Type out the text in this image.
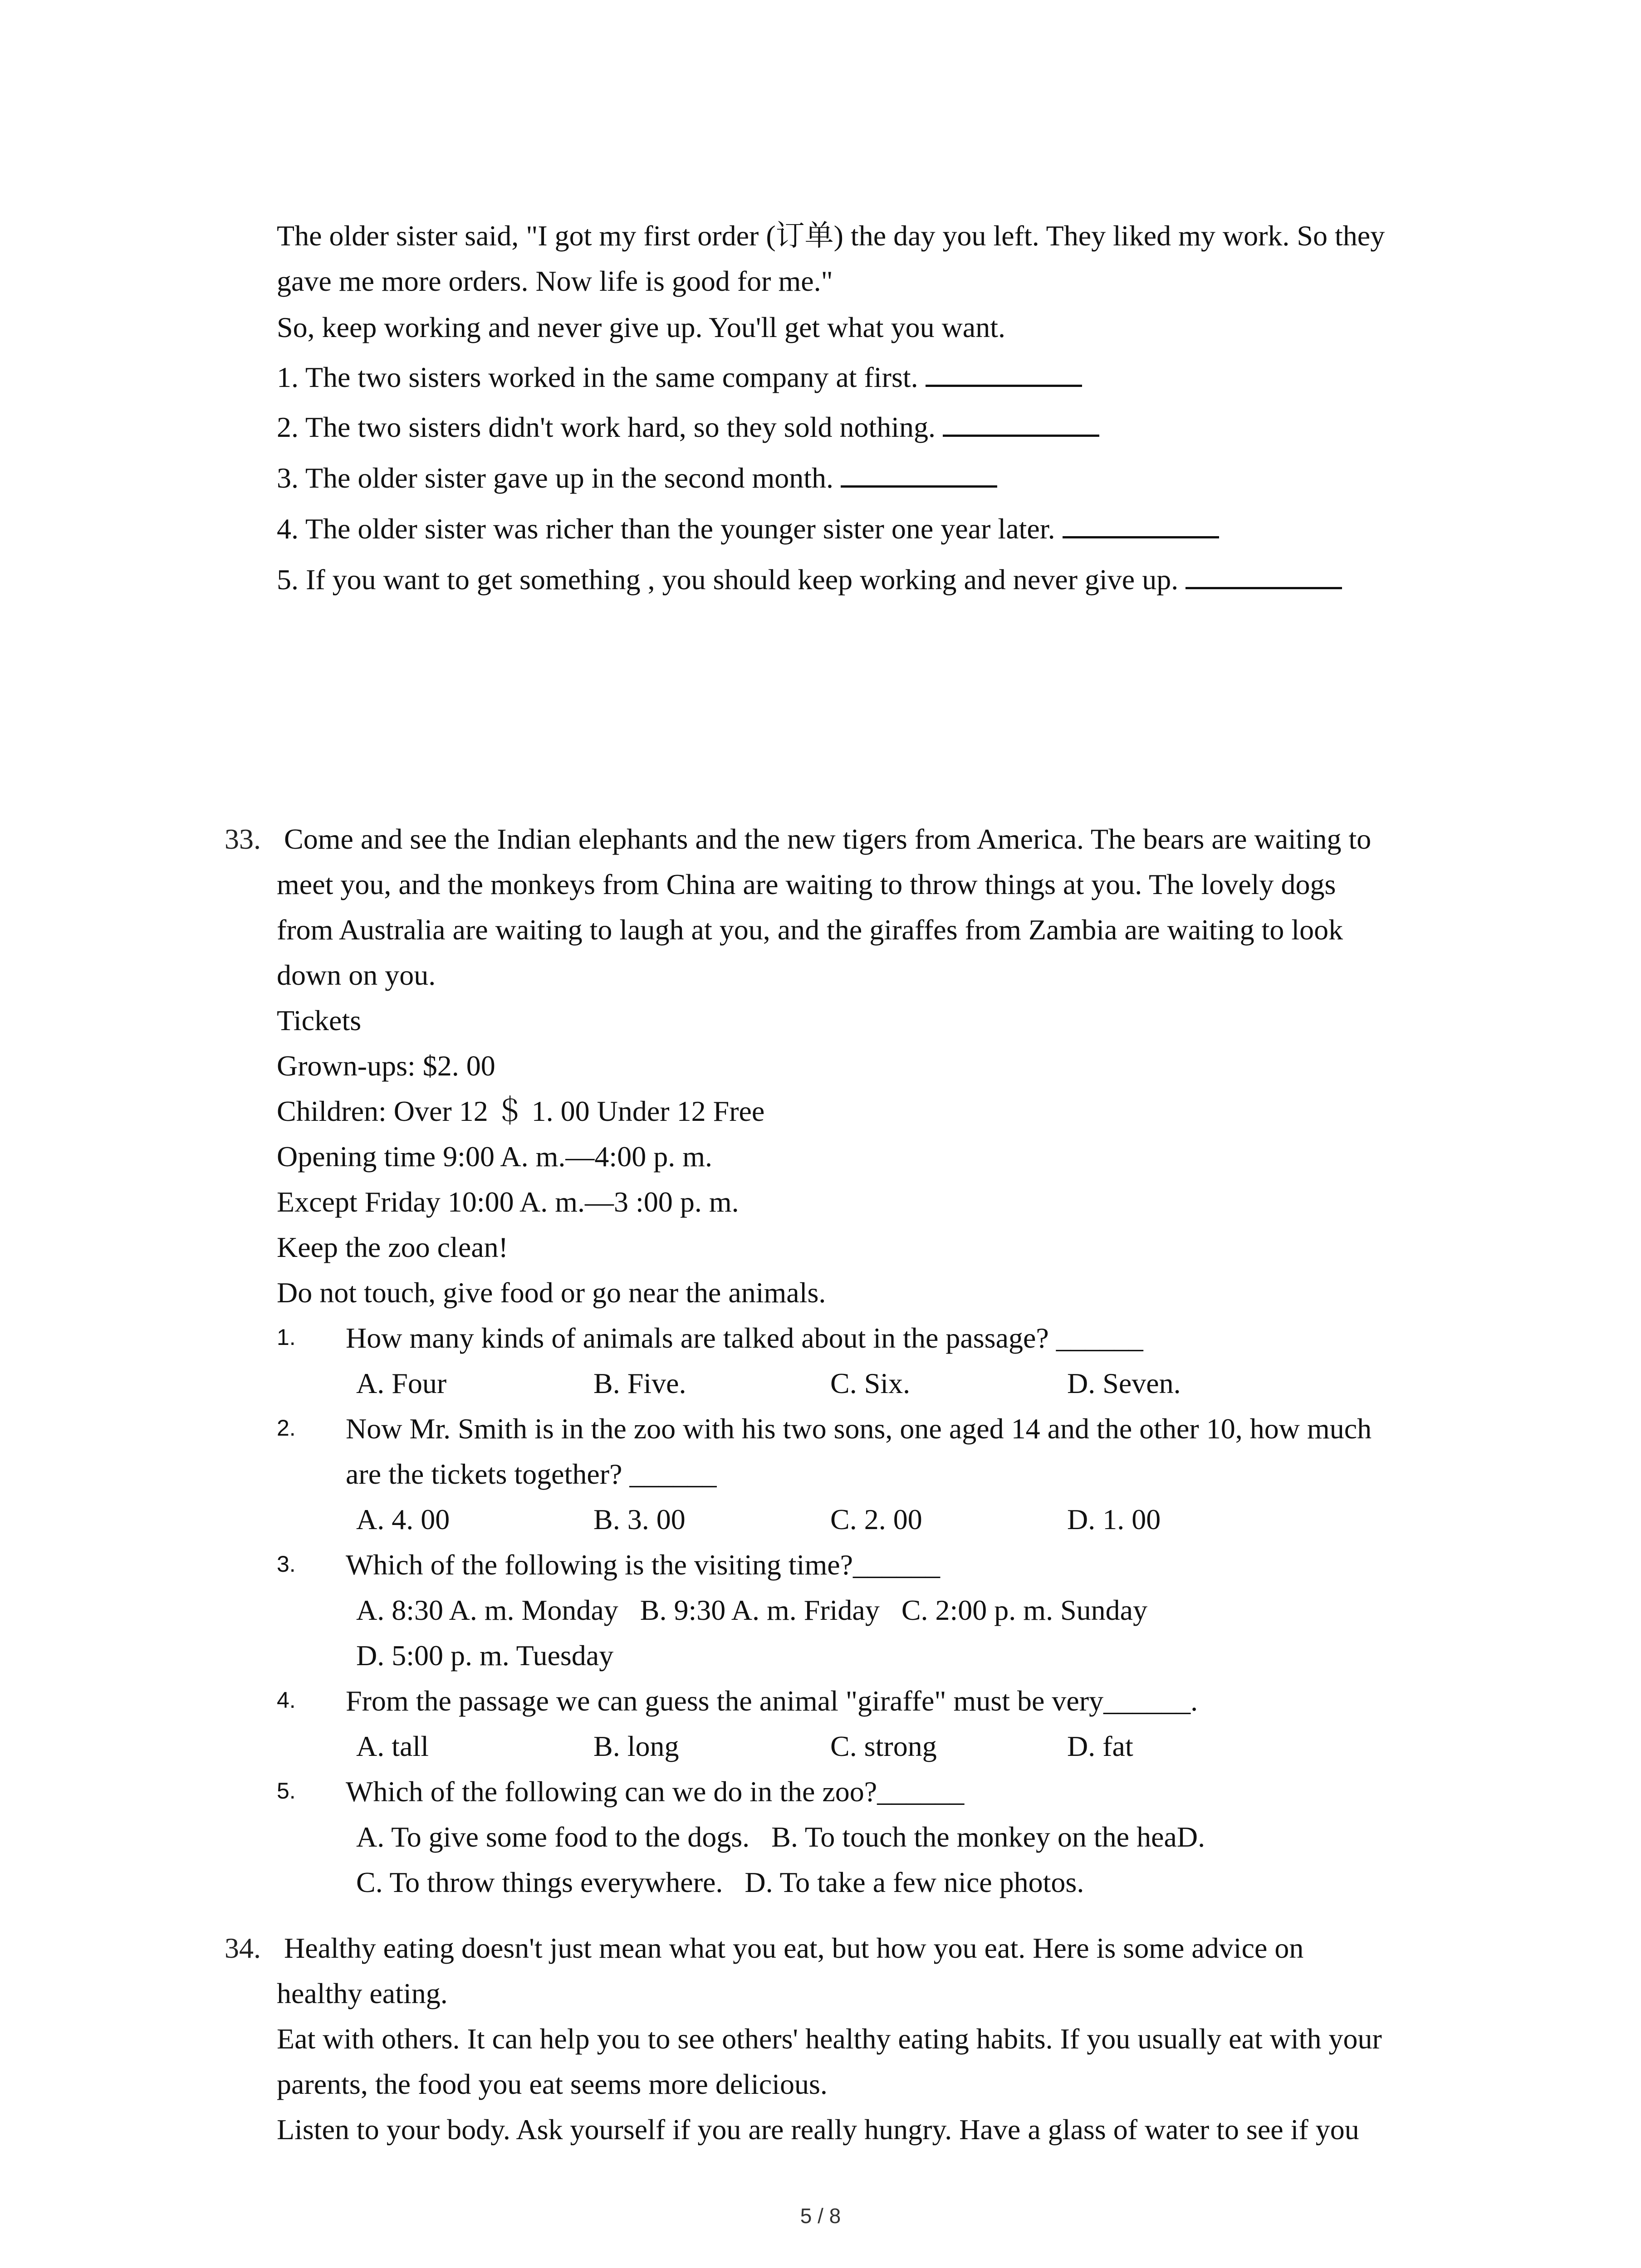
The older sister said, "I got my first order (订单) the day you left. They liked my work. So they

gave me more orders. Now life is good for me."

So, keep working and never give up. You'll get what you want.

1. The two sisters worked in the same company at first.

2. The two sisters didn't work hard, so they sold nothing.

3. The older sister gave up in the second month.

4. The older sister was richer than the younger sister one year later.

5. If you want to get something , you should keep working and never give up.

33. Come and see the Indian elephants and the new tigers from America. The bears are waiting to

meet you, and the monkeys from China are waiting to throw things at you. The lovely dogs

from Australia are waiting to laugh at you, and the giraffes from Zambia are waiting to look

down on you.

Tickets

Grown-ups: $2. 00

Children: Over 12 ＄ 1. 00 Under 12 Free

Opening time 9:00 A. m.—4:00 p. m.

Except Friday 10:00 A. m.—3 :00 p. m.

Keep the zoo clean!

Do not touch, give food or go near the animals.

1. How many kinds of animals are talked about in the passage? ______

A. Four	B. Five.	C. Six.	D. Seven.

2. Now Mr. Smith is in the zoo with his two sons, one aged 14 and the other 10, how much

are the tickets together? ______

A. 4. 00	B. 3. 00	C. 2. 00	D. 1. 00

3. Which of the following is the visiting time?______

A. 8:30 A. m. Monday   B. 9:30 A. m. Friday   C. 2:00 p. m. Sunday

D. 5:00 p. m. Tuesday

4. From the passage we can guess the animal "giraffe" must be very______.

A. tall	B. long	C. strong	D. fat

5. Which of the following can we do in the zoo?______

A. To give some food to the dogs.   B. To touch the monkey on the heaD.

C. To throw things everywhere.   D. To take a few nice photos.

34. Healthy eating doesn't just mean what you eat, but how you eat. Here is some advice on

healthy eating.

Eat with others. It can help you to see others' healthy eating habits. If you usually eat with your

parents, the food you eat seems more delicious.

Listen to your body. Ask yourself if you are really hungry. Have a glass of water to see if you

5 / 8
